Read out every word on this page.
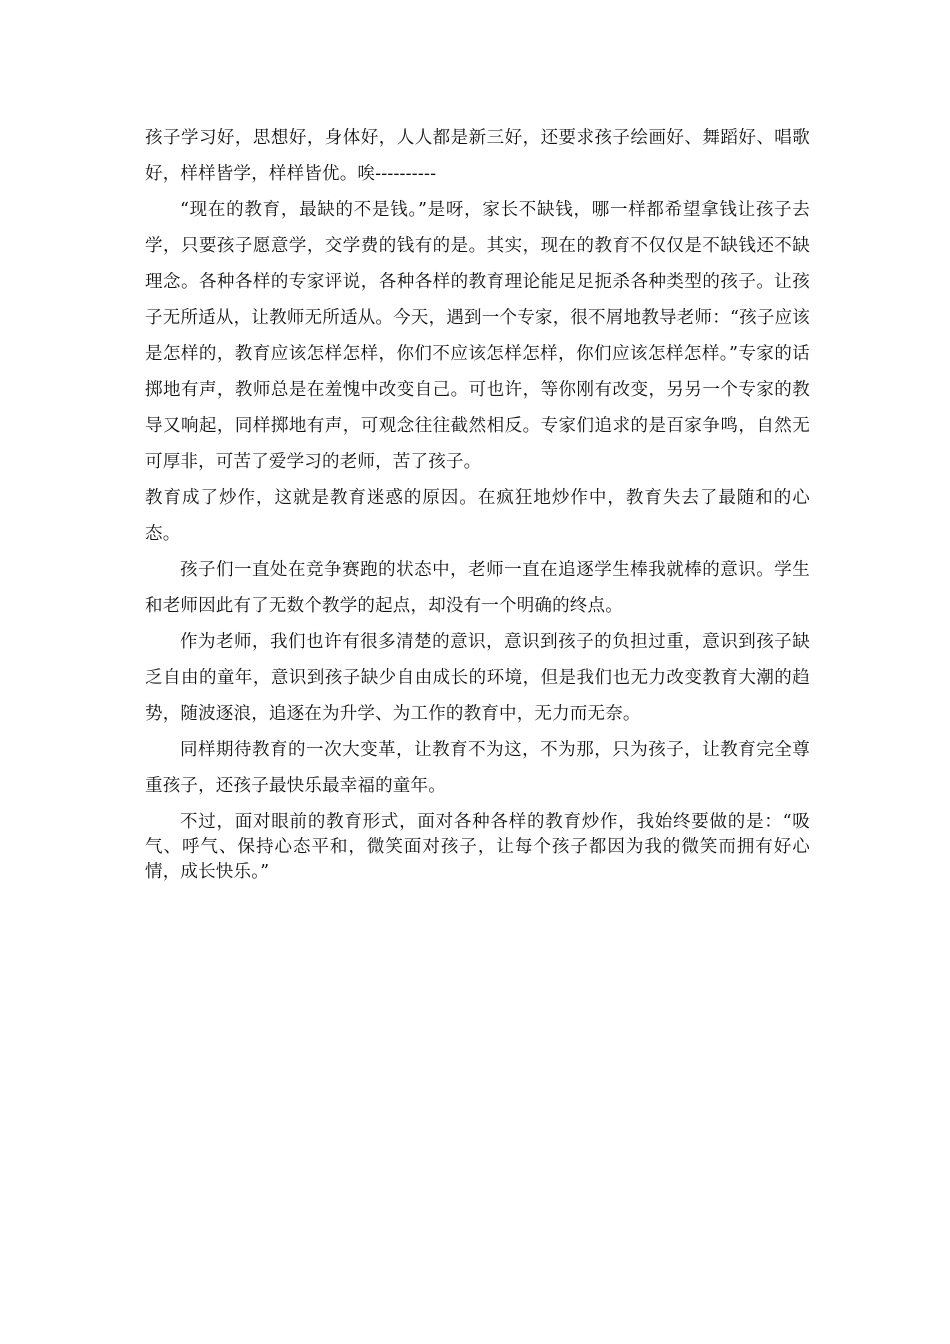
孩子学习好，思想好，身体好，人人都是新三好，还要求孩子绘画好、舞蹈好、唱歌好，样样皆学，样样皆优。唉----------

“现在的教育，最缺的不是钱。”是呀，家长不缺钱，哪一样都希望拿钱让孩子去学，只要孩子愿意学，交学费的钱有的是。其实，现在的教育不仅仅是不缺钱还不缺理念。各种各样的专家评说，各种各样的教育理论能足足扼杀各种类型的孩子。让孩子无所适从，让教师无所适从。今天，遇到一个专家，很不屑地教导老师：“孩子应该是怎样的，教育应该怎样怎样，你们不应该怎样怎样，你们应该怎样怎样。”专家的话掷地有声，教师总是在羞愧中改变自己。可也许，等你刚有改变，另另一个专家的教导又响起，同样掷地有声，可观念往往截然相反。专家们追求的是百家争鸣，自然无可厚非，可苦了爱学习的老师，苦了孩子。

教育成了炒作，这就是教育迷惑的原因。在疯狂地炒作中，教育失去了最随和的心态。

孩子们一直处在竞争赛跑的状态中，老师一直在追逐学生棒我就棒的意识。学生　和老师因此有了无数个教学的起点，却没有一个明确的终点。

作为老师，我们也许有很多清楚的意识，意识到孩子的负担过重，意识到孩子缺乏自由的童年，意识到孩子缺少自由成长的环境，但是我们也无力改变教育大潮的趋势，随波逐浪，追逐在为升学、为工作的教育中，无力而无奈。

同样期待教育的一次大变革，让教育不为这，不为那，只为孩子，让教育完全尊重孩子，还孩子最快乐最幸福的童年。

不过，面对眼前的教育形式，面对各种各样的教育炒作，我始终要做的是：“吸气、呼气、保持心态平和，微笑面对孩子，让每个孩子都因为我的微笑而拥有好心情，成长快乐。”
